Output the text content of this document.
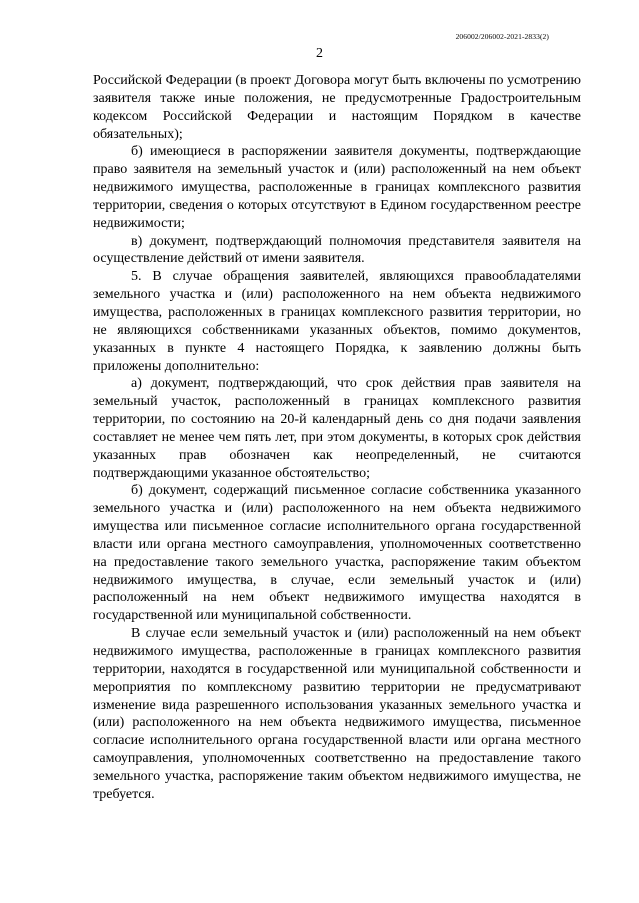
206002/206002-2021-2833(2)
2

Российской Федерации (в проект Договора могут быть включены по усмотрению заявителя также иные положения, не предусмотренные Градостроительным кодексом Российской Федерации и настоящим Порядком в качестве обязательных);

б) имеющиеся в распоряжении заявителя документы, подтверждающие право заявителя на земельный участок и (или) расположенный на нем объект недвижимого имущества, расположенные в границах комплексного развития территории, сведения о которых отсутствуют в Едином государственном реестре недвижимости;

в) документ, подтверждающий полномочия представителя заявителя на осуществление действий от имени заявителя.

5. В случае обращения заявителей, являющихся правообладателями земельного участка и (или) расположенного на нем объекта недвижимого имущества, расположенных в границах комплексного развития территории, но не являющихся собственниками указанных объектов, помимо документов, указанных в пункте 4 настоящего Порядка, к заявлению должны быть приложены дополнительно:

а) документ, подтверждающий, что срок действия прав заявителя на земельный участок, расположенный в границах комплексного развития территории, по состоянию на 20-й календарный день со дня подачи заявления составляет не менее чем пять лет, при этом документы, в которых срок действия указанных прав обозначен как неопределенный, не считаются подтверждающими указанное обстоятельство;

б) документ, содержащий письменное согласие собственника указанного земельного участка и (или) расположенного на нем объекта недвижимого имущества или письменное согласие исполнительного органа государственной власти или органа местного самоуправления, уполномоченных соответственно на предоставление такого земельного участка, распоряжение таким объектом недвижимого имущества, в случае, если земельный участок и (или) расположенный на нем объект недвижимого имущества находятся в государственной или муниципальной собственности.

В случае если земельный участок и (или) расположенный на нем объект недвижимого имущества, расположенные в границах комплексного развития территории, находятся в государственной или муниципальной собственности и мероприятия по комплексному развитию территории не предусматривают изменение вида разрешенного использования указанных земельного участка и (или) расположенного на нем объекта недвижимого имущества, письменное согласие исполнительного органа государственной власти или органа местного самоуправления, уполномоченных соответственно на предоставление такого земельного участка, распоряжение таким объектом недвижимого имущества, не требуется.
